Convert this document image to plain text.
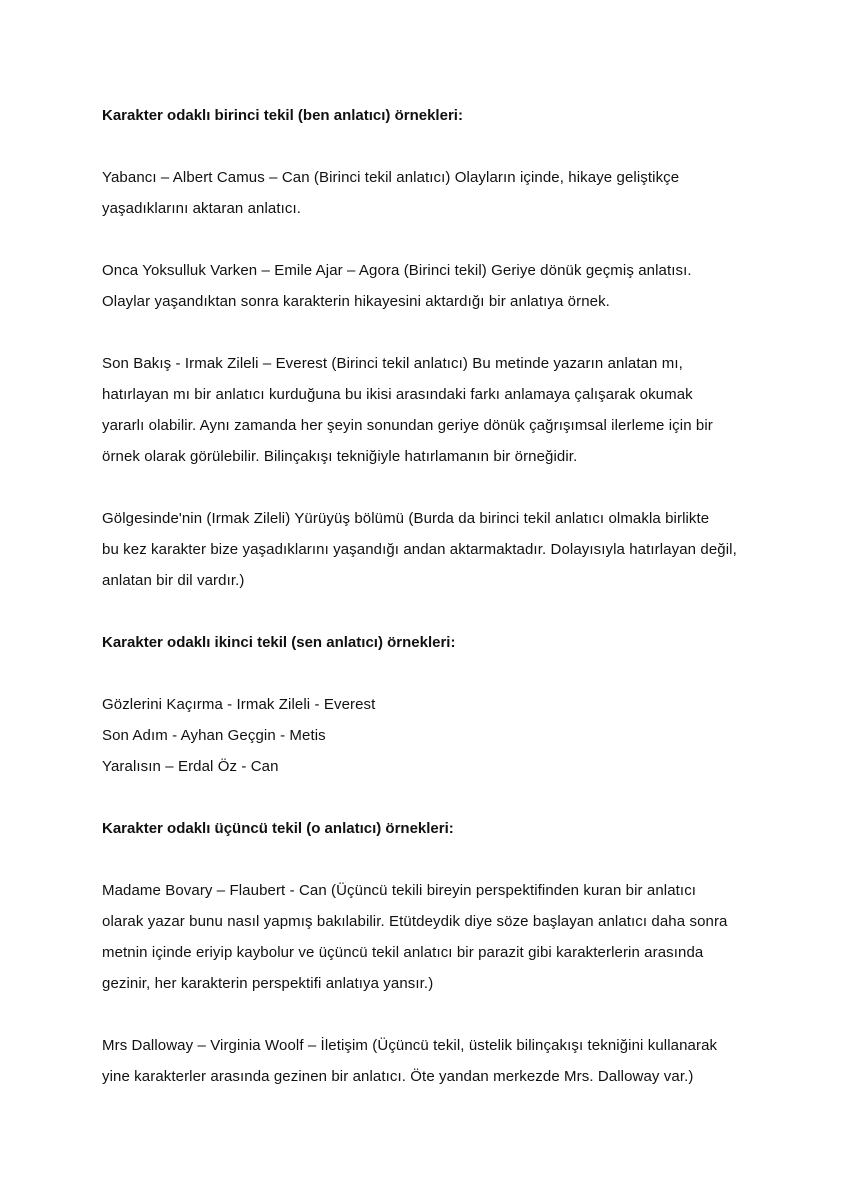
Karakter odaklı birinci tekil (ben anlatıcı) örnekleri:
Yabancı – Albert Camus – Can (Birinci tekil anlatıcı) Olayların içinde, hikaye geliştikçe
yaşadıklarını aktaran anlatıcı.
Onca Yoksulluk Varken – Emile Ajar – Agora (Birinci tekil) Geriye dönük geçmiş anlatısı.
Olaylar yaşandıktan sonra karakterin hikayesini aktardığı bir anlatıya örnek.
Son Bakış - Irmak Zileli – Everest (Birinci tekil anlatıcı) Bu metinde yazarın anlatan mı,
hatırlayan mı bir anlatıcı kurduğuna bu ikisi arasındaki farkı anlamaya çalışarak okumak
yararlı olabilir. Aynı zamanda her şeyin sonundan geriye dönük çağrışımsal ilerleme için bir
örnek olarak görülebilir. Bilinçakışı tekniğiyle hatırlamanın bir örneğidir.
Gölgesinde'nin (Irmak Zileli) Yürüyüş bölümü (Burda da birinci tekil anlatıcı olmakla birlikte
bu kez karakter bize yaşadıklarını yaşandığı andan aktarmaktadır. Dolayısıyla hatırlayan değil,
anlatan bir dil vardır.)
Karakter odaklı ikinci tekil (sen anlatıcı) örnekleri:
Gözlerini Kaçırma - Irmak Zileli - Everest
Son Adım - Ayhan Geçgin - Metis
Yaralısın – Erdal Öz - Can
Karakter odaklı üçüncü tekil (o anlatıcı) örnekleri:
Madame Bovary – Flaubert - Can (Üçüncü tekili bireyin perspektifinden kuran bir anlatıcı
olarak yazar bunu nasıl yapmış bakılabilir. Etütdeydik diye söze başlayan anlatıcı daha sonra
metnin içinde eriyip kaybolur ve üçüncü tekil anlatıcı bir parazit gibi karakterlerin arasında
gezinir, her karakterin perspektifi anlatıya yansır.)
Mrs Dalloway – Virginia Woolf – İletişim (Üçüncü tekil, üstelik bilinçakışı tekniğini kullanarak
yine karakterler arasında gezinen bir anlatıcı. Öte yandan merkezde Mrs. Dalloway var.)
